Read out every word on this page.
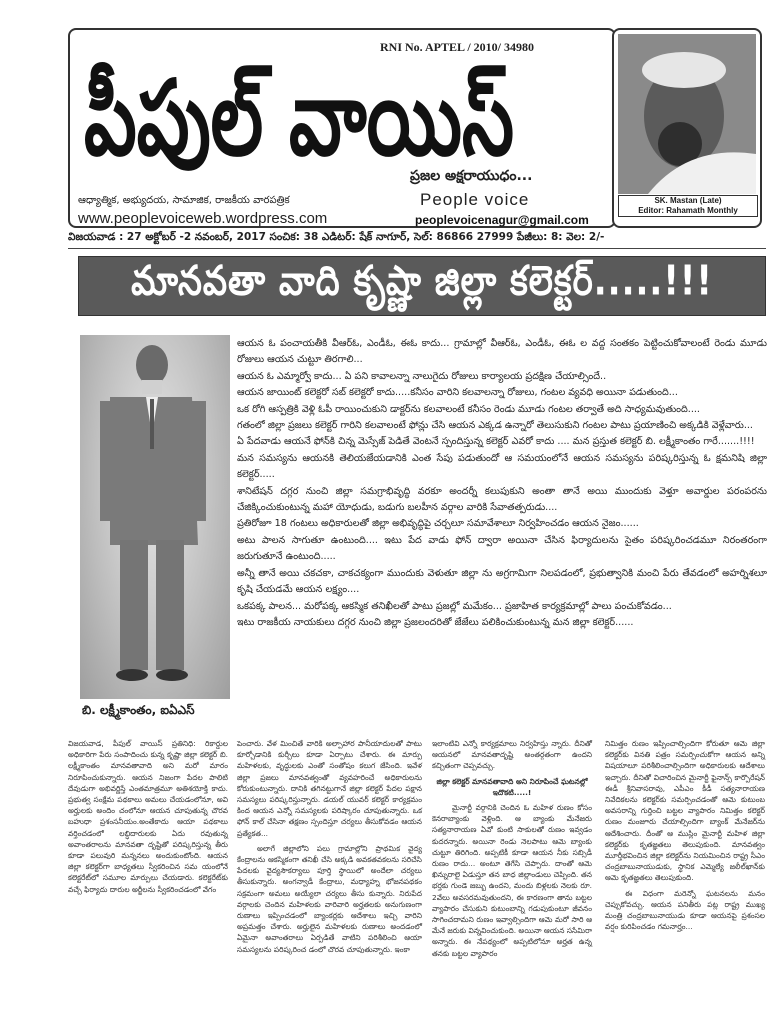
పీపుల్ వాయిస్
RNI No. APTEL / 2010/ 34980
ప్రజల అక్షరాయుధం...
People voice
ఆధ్యాత్మిక, అభ్యుదయ, సామాజిక, రాజకీయ వారపత్రిక
www.peoplevoiceweb.wordpress.com	peoplevoicenagur@gmail.com
SK. Mastan (Late)
Editor: Rahamath Monthly
విజయవాడ : 27 అక్టోబర్ -2 నవంబర్, 2017 సంచిక: 38 ఎడిటర్: షేక్ నాగూర్, సెల్: 86866 27999 పేజీలు: 8: వెల: 2/-
మానవతా వాది కృష్ణా జిల్లా కలెక్టర్.....!!!
బి. లక్ష్మీకాంతం, ఐఏఎస్

ఆయన ఓ పంచాయతీకి వీఆర్ఓ, ఎండీఓ, ఈఓ కాదు... గ్రామాల్లో వీఆర్ఓ, ఎండీఓ, ఈఓ ల వద్ద సంతకం పెట్టించుకోవాలంటే రెండు మూడు రోజులు ఆయన చుట్టూ తిరగాలి...

ఆయన ఓ ఎమ్మార్వో కాదు... ఏ పని కావాలన్నా నాలుగైదు రోజులు కార్యాలయ ప్రదక్షిణ చేయాల్సిందే..

ఆయన జాయింట్ కలెక్టరో సబ్ కలెక్టరో కాదు.....కనీసం వారిని కలవాలన్నా రోజులు, గంటల వ్యవధి అయినా పడుతుంది...

ఒక రోగి ఆస్పత్రికి వెళ్లి ఓపీ రాయించుకుని డాక్టర్‌ను కలవాలంటే కనీసం రెండు మూడు గంటల తర్వాతే అది సాధ్యమవుతుంది....

గతంలో జిల్లా ప్రజలు కలెక్టర్ గారిని కలవాలంటే ఫోన్లు చేసి ఆయన ఎక్కడ ఉన్నారో తెలుసుకుని గంటల పాటు ప్రయాణించి అక్కడికి వెళ్లేవారు...

ఏ పేదవాడు ఆయనే ఫోన్‌కి చిన్న మెస్సేజ్ పెడితే వెంటనే స్పందిస్తున్న కలెక్టర్ ఎవరో కాదు .... మన ప్రస్తుత కలెక్టర్ బి. లక్ష్మీకాంతం గారే.......!!!!

మన సమస్యను ఆయనకి తెలియజేయడానికి ఎంత సేపు పడుతుందో ఆ సమయంలోనే ఆయన సమస్యను పరిష్కరిస్తున్న ఓ క్షమనిషి జిల్లా కలెక్టర్.....

శానిటేషన్ దగ్గర నుంచి జిల్లా సమగ్రాభివృద్ధి వరకూ అందర్నీ కలుపుకుని అంతా తానే అయి ముందుకు వెళ్తూ అవార్డుల పరంపరను చేజిక్కించుకుంటున్న మహా యోధుడు, బడుగు బలహీన వర్గాల వారికి సేవాతత్పరుడు....

ప్రతిరోజూ 18 గంటలు అధికారులతో జిల్లా అభివృద్ధిపై చర్చలూ సమావేశాలూ నిర్వహించడం ఆయన నైజం......

అటు పాలన సాగుతూ ఉంటుంది.... ఇటు పేద వాడు ఫోన్ ద్వారా అయినా చేసిన ఫిర్యాదులను సైతం పరిష్కరించడమూ నిరంతరంగా జరుగుతూనే ఉంటుంది.....

అన్నీ తానే అయి చకచకా, చాకచక్యంగా ముందుకు వెళుతూ జిల్లా ను అగ్రగామిగా నిలపడంలో, ప్రభుత్వానికి మంచి పేరు తేవడంలో అహర్నిశలూ కృషి చేయడమే ఆయన లక్ష్యం....

ఒకపక్క పాలన... మరోపక్క ఆకస్మిక తనిఖీలతో పాటు ప్రజల్లో మమేకం... ప్రజాహిత కార్యక్రమాల్లో పాలు పంచుకోవడం...

ఇటు రాజకీయ నాయకులు దగ్గర నుంచి జిల్లా ప్రజలందరితో జేజేలు పలికించుకుంటున్న మన జిల్లా కలెక్టర్......

విజయవాడ, పీపుల్ వాయిస్ ప్రతినిధి: రికార్డుల అధికారిగా పేరు సంపాదించు కున్న కృష్ణా జిల్లా కలెక్టర్ బి. లక్ష్మీకాంతం మానవతావాది అని మరో మారం నిరూపించుకున్నారు. ఆయన నిజంగా పేదల పాలిటి దేవుడుగా అభివర్ణిస్తే ఎంతమాత్రమూ అతిశయోక్తి కాదు. ప్రభుత్వ సంక్షేమ పథకాలు అమలు చేయడంలోనూ, అవి అర్హులకు అందిం చంలోనూ ఆయన చూపుతున్న చొరవ బహుధా ప్రశంసనీయం.అంతేకాదు ఆయా పథకాలు వర్తించడంలో లబ్ధిదారులకు ఏదు రవుతున్న అవాంతరాలను మానవతా దృష్టితో పరిష్కరిస్తున్న తీరు కూడా పలువురి మన్ననలు అందుకుంటోంది. ఆయన జిల్లా కలెక్టర్‌గా బాధ్యతలు స్వీకరించిన సమ యంలోనే కలెక్టరేట్‌లో సమూల మార్పులు చేయడారు. కలెక్టరేట్‌కు వచ్చే ఫిర్యాదు దారుల అర్జీలను స్వీకరించడంలో వేగం

పెంచారు. వేళ మించితే వారికి అల్పాహార పానీయాదులతో పాటు కూర్చోడానికి కుర్చీలు కూడా ఏర్పాటు చేశారు. ఈ మార్పు మహిళలకు, వృద్ధులకు ఎంతో సంతోషం కలుగ జేసింది. ఇవేళ జిల్లా ప్రజలు మానవత్వంతో వ్యవహరించే అధికారులను కోరుకుంటున్నారు. దానికి తగినట్టుగానే జిల్లా కలెక్టర్ పేదల పక్షాన సమస్యలు పరిష్కరిస్తున్నారు. డయల్ యువర్ కలెక్టర్ కార్యక్రమం కింద ఆయన ఎన్నో సమస్యలకు పరిష్కారం చూపుతున్నారు. ఒక ఫోన్ కాల్ చేసినా తక్షణం స్పందిస్తూ చర్యలు తీసుకోవడం ఆయన ప్రత్యేకత...

అలాగే జిల్లాలోని పలు గ్రామాల్లోని ప్రాథమిక వైద్య కేంద్రాలను ఆకస్మికంగా తనిఖీ చేసి అక్కడి అవకతవకలను సరిచేసి పేదలకు వైద్యసౌకర్యాలు పూర్తి స్థాయిలో అందేలా చర్యలు తీసుకున్నారు. అంగన్వాడీ కేంద్రాలు, మధ్యాహ్న భోజనపథకం సక్రమంగా అమలు అయ్యేలా చర్యలు తీసు కున్నారు. నిరుపేద వర్గాలకు చెందిన మహిళలకు వారివారి అర్హతలకు అనుగుణంగా రుణాలు ఇప్పించడంలో బ్యాంకర్లకు ఆదేశాలు ఇచ్చి వారిని అప్రమత్తం చేశారు. అర్హులైన మహిళలకు రుణాలు అందడంలో ఏమైనా అవాంతరాలు ఏర్పడితే వాటిని పరిశీలించి ఆయా సమస్యలను పరిష్కరించ డంలో చొరవ చూపుతున్నారు. ఇంకా

ఇలాంటివి ఎన్నో కార్యక్రమాలు నిర్వహిస్తు న్నారు. దీనితో ఆయనలో మానవతాదృష్టి అంతర్గతంగా ఉందని కచ్చితంగా చెప్పవచ్చు.

జిల్లా కలెక్టర్ మానవతావాది అని నిరూపించే ఘటనల్లో ఇదొకటి.....!

మైనార్టీ వర్గానికి చెందిన ఓ మహిళ రుణం కోసం కెనరాబ్యాంకు వెళ్లింది. ఆ బ్యాంకు మేనేజరు సత్యనారాయణ ఏవో కుంటి సాకులతో రుణం ఇవ్వడం కుదరన్నారు. అయినా రెండు నెలపాటు ఆమె బ్యాంకు చుట్టూ తిరిగింది. అప్పటికీ కూడా ఆయన నీకు సబ్సిడీ రుణం రాదు... అంటూ తెగేసి చెప్పారు. దాంతో ఆమె ఖిన్నురాలై ఏడుస్తూ తన బాధ జిల్లాండులు చెప్పింది. తన భర్తకు గుండె జబ్బు ఉందని, మందు బిళ్లలకు నెలకు రూ. 2వేలు అవసరమవుతుందని, ఈ కారణంగా తాను బట్టల వ్యాపారం చేసుకుని కుటుంబాన్ని గడుపుకుంటూ జీవనం సాగించదామని రుణం ఇవ్వాల్సిందిగా ఆమె మరో సారి ఆ మేనే జరుకు విన్నవించుకుంది. అయినా ఆయన ససేమిరా అన్నారు. ఈ నేపథ్యంలో అప్పటిలోనూ అర్హత ఉన్న తనకు బట్టల వ్యాపారం

నిమిత్తం రుణం ఇప్పించాల్సిందిగా కోరుతూ ఆమె జిల్లా కలెక్టర్‌కు వినతి పత్రం సమర్పించుకోగా ఆయన అన్ని విషయాలూ పరిశీలించాల్సిందిగా అధికారులకు ఆదేశాలు ఇచ్చారు. దీనితో విచారించిన మైనార్టీ ఫైనాన్స్ కార్పొరేషన్ ఈడీ శ్రీనివాసరావు, ఎపీఎం కీడీ సత్యనారాయణ నివేదికలను కలెక్టర్‌కు సమర్పించడంతో ఆమె కుటుంబ అవసరాన్ని గుర్తించి బట్టల వ్యాపారం నిమిత్తం కలెక్టర్ రుణం మంజూరు చేయాల్సిందిగా బ్యాంక్ మేనేజర్‌ను ఆదేశించారు. దీంతో ఆ ముస్లిం మైనార్టీ మహిళ జిల్లా కలెక్టర్‌కు కృతజ్ఞతలు తెలుపుకుంది. మానవత్వం మూర్తీభవించిన జిల్లా కలెక్టర్‌ను నియమించిన రాష్ట్ర సీఎం చంద్రబాబునాయుడుకు, స్థానిక ఎమ్మెల్యే జలీల్‌ఖాన్‌కు ఆమె కృతజ్ఞతలు తెలుపుకుంది.

ఈ విధంగా మరెన్నో ఘటనలను మనం చెప్పుకోవచ్చు. ఆయన పనితీరు పట్ల రాష్ట్ర ముఖ్య మంత్రి చంద్రబాబునాయుడు కూడా ఆయనపై ప్రశంసల వర్షం కురిపించడం గమనార్హం...
